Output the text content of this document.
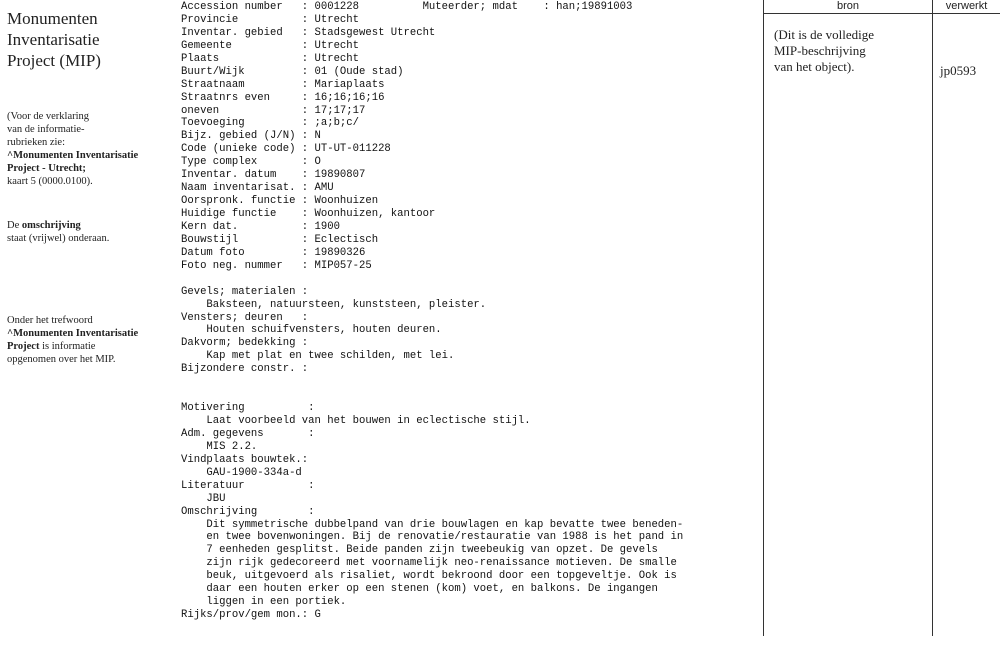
Monumenten
Inventarisatie
Project (MIP)
(Voor de verklaring
van de informatie-
rubrieken zie:
^Monumenten Inventarisatie
Project - Utrecht;
kaart 5 (0000.0100).
De omschrijving
staat (vrijwel) onderaan.
Onder het trefwoord
^Monumenten Inventarisatie
Project is informatie
opgenomen over het MIP.
Accession number   : 0001228          Muteerder; mdat    : han;19891003
Provincie          : Utrecht
Inventar. gebied   : Stadsgewest Utrecht
Gemeente           : Utrecht
Plaats             : Utrecht
Buurt/Wijk         : 01 (Oude stad)
Straatnaam         : Mariaplaats
Straatnrs even     : 16;16;16;16
oneven             : 17;17;17
Toevoeging         : ;a;b;c/
Bijz. gebied (J/N) : N
Code (unieke code) : UT-UT-011228
Type complex       : O
Inventar. datum    : 19890807
Naam inventarisat. : AMU
Oorspronk. functie : Woonhuizen
Huidige functie    : Woonhuizen, kantoor
Kern dat.          : 1900
Bouwstijl          : Eclectisch
Datum foto         : 19890326
Foto neg. nummer   : MIP057-25
Gevels; materialen :
Baksteen, natuursteen, kunststeen, pleister.
Vensters; deuren   :
Houten schuifvensters, houten deuren.
Dakvorm; bedekking :
Kap met plat en twee schilden, met lei.
Bijzondere constr. :
Motivering          :
Laat voorbeeld van het bouwen in eclectische stijl.
Adm. gegevens       :
MIS 2.2.
Vindplaats bouwtek.:
GAU-1900-334a-d
Literatuur          :
JBU
Omschrijving        :
Dit symmetrische dubbelpand van drie bouwlagen en kap bevatte twee beneden-
en twee bovenwoningen. Bij de renovatie/restauratie van 1988 is het pand in
7 eenheden gesplitst. Beide panden zijn tweebeukig van opzet. De gevels
zijn rijk gedecoreerd met voornamelijk neo-renaissance motieven. De smalle
beuk, uitgevoerd als risaliet, wordt bekroond door een topgeveltje. Ook is
daar een houten erker op een stenen (kom) voet, en balkons. De ingangen
liggen in een portiek.
Rijks/prov/gem mon.: G
bron	verwerkt
(Dit is de volledige
MIP-beschrijving
van het object).	jp0593
